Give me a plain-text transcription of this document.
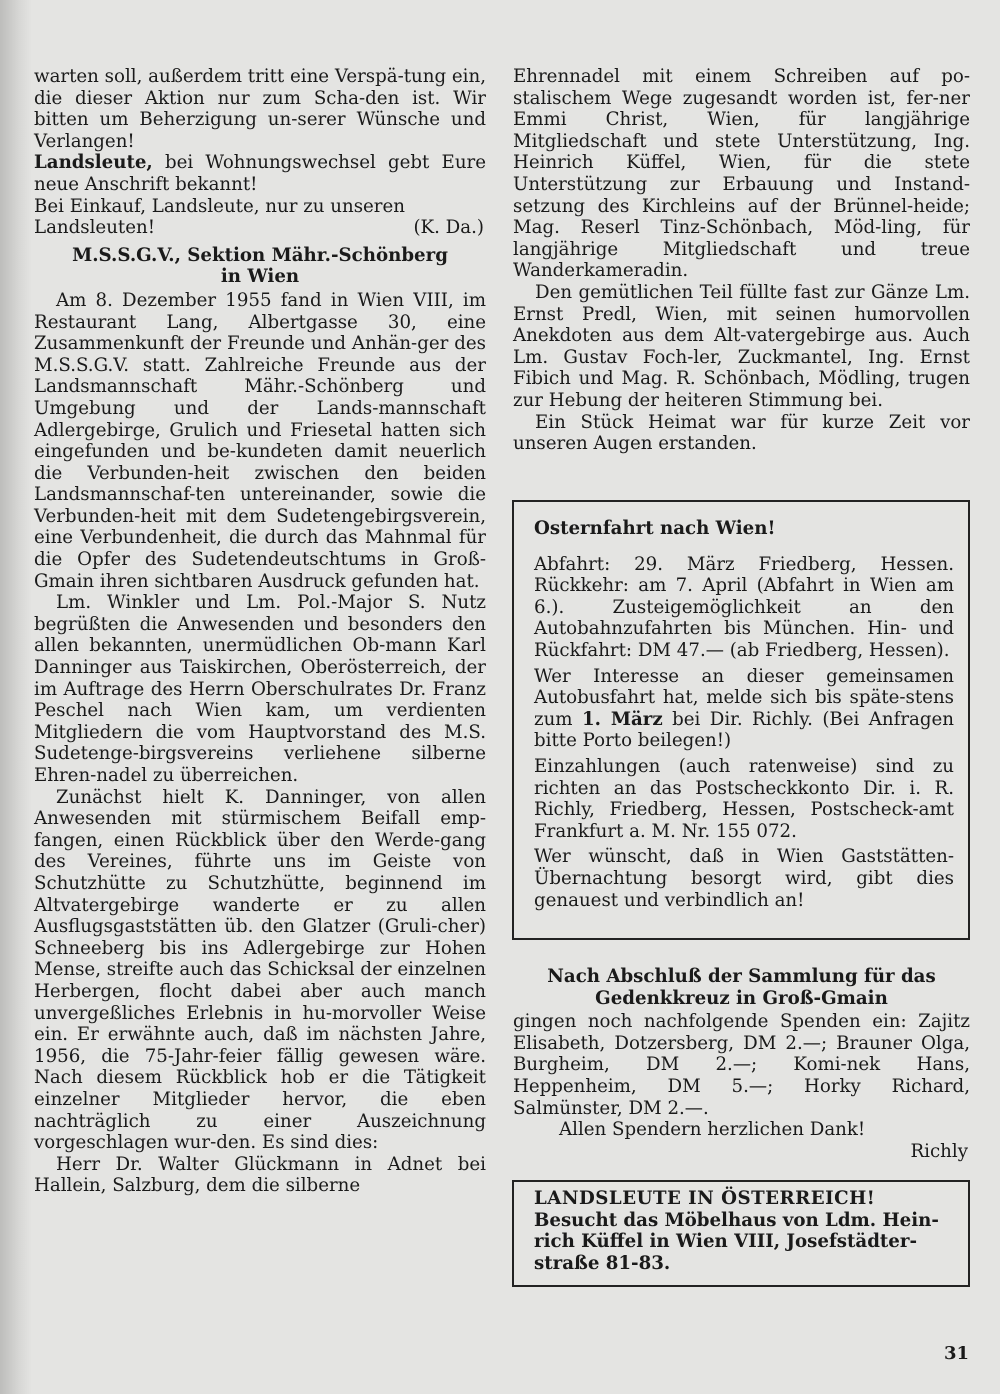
warten soll, außerdem tritt eine Verspä-tung ein, die dieser Aktion nur zum Scha-den ist. Wir bitten um Beherzigung un-serer Wünsche und Verlangen!

Landsleute, bei Wohnungswechsel gebt Eure neue Anschrift bekannt!

Bei Einkauf, Landsleute, nur zu unseren

Landsleuten!	(K. Da.)
M.S.S.G.V., Sektion Mähr.-Schönberg
in Wien

Am 8. Dezember 1955 fand in Wien VIII, im Restaurant Lang, Albertgasse 30, eine Zusammenkunft der Freunde und Anhän-ger des M.S.S.G.V. statt. Zahlreiche Freunde aus der Landsmannschaft Mähr.-Schönberg und Umgebung und der Lands-mannschaft Adlergebirge, Grulich und Friesetal hatten sich eingefunden und be-kundeten damit neuerlich die Verbunden-heit zwischen den beiden Landsmannschaf-ten untereinander, sowie die Verbunden-heit mit dem Sudetengebirgsverein, eine Verbundenheit, die durch das Mahnmal für die Opfer des Sudetendeutschtums in Groß-Gmain ihren sichtbaren Ausdruck gefunden hat.

Lm. Winkler und Lm. Pol.-Major S. Nutz begrüßten die Anwesenden und besonders den allen bekannten, unermüdlichen Ob-mann Karl Danninger aus Taiskirchen, Oberösterreich, der im Auftrage des Herrn Oberschulrates Dr. Franz Peschel nach Wien kam, um verdienten Mitgliedern die vom Hauptvorstand des M.S. Sudetenge-birgsvereins verliehene silberne Ehren-nadel zu überreichen.

Zunächst hielt K. Danninger, von allen Anwesenden mit stürmischem Beifall emp-fangen, einen Rückblick über den Werde-gang des Vereines, führte uns im Geiste von Schutzhütte zu Schutzhütte, beginnend im Altvatergebirge wanderte er zu allen Ausflugsgaststätten üb. den Glatzer (Gruli-cher) Schneeberg bis ins Adlergebirge zur Hohen Mense, streifte auch das Schicksal der einzelnen Herbergen, flocht dabei aber auch manch unvergeßliches Erlebnis in hu-morvoller Weise ein. Er erwähnte auch, daß im nächsten Jahre, 1956, die 75-Jahr-feier fällig gewesen wäre. Nach diesem Rückblick hob er die Tätigkeit einzelner Mitglieder hervor, die eben nachträglich zu einer Auszeichnung vorgeschlagen wur-den. Es sind dies:

Herr Dr. Walter Glückmann in Adnet bei Hallein, Salzburg, dem die silberne

Ehrennadel mit einem Schreiben auf po-stalischem Wege zugesandt worden ist, fer-ner Emmi Christ, Wien, für langjährige Mitgliedschaft und stete Unterstützung, Ing. Heinrich Küffel, Wien, für die stete Unterstützung zur Erbauung und Instand-setzung des Kirchleins auf der Brünnel-heide; Mag. Reserl Tinz-Schönbach, Möd-ling, für langjährige Mitgliedschaft und treue Wanderkameradin.

Den gemütlichen Teil füllte fast zur Gänze Lm. Ernst Predl, Wien, mit seinen humorvollen Anekdoten aus dem Alt-vatergebirge aus. Auch Lm. Gustav Foch-ler, Zuckmantel, Ing. Ernst Fibich und Mag. R. Schönbach, Mödling, trugen zur Hebung der heiteren Stimmung bei.

Ein Stück Heimat war für kurze Zeit vor unseren Augen erstanden.

Osternfahrt nach Wien!

Abfahrt: 29. März Friedberg, Hessen. Rückkehr: am 7. April (Abfahrt in Wien am 6.). Zusteigemöglichkeit an den Autobahnzufahrten bis München. Hin- und Rückfahrt: DM 47.— (ab Friedberg, Hessen).

Wer Interesse an dieser gemeinsamen Autobusfahrt hat, melde sich bis späte-stens zum 1. März bei Dir. Richly. (Bei Anfragen bitte Porto beilegen!)

Einzahlungen (auch ratenweise) sind zu richten an das Postscheckkonto Dir. i. R. Richly, Friedberg, Hessen, Postscheck-amt Frankfurt a. M. Nr. 155 072.

Wer wünscht, daß in Wien Gaststätten-Übernachtung besorgt wird, gibt dies genauest und verbindlich an!

Nach Abschluß der Sammlung für das
Gedenkkreuz in Groß-Gmain

gingen noch nachfolgende Spenden ein: Zajitz Elisabeth, Dotzersberg, DM 2.—; Brauner Olga, Burgheim, DM 2.—; Komi-nek Hans, Heppenheim, DM 5.—; Horky Richard, Salmünster, DM 2.—.

Allen Spendern herzlichen Dank!

Richly

LANDSLEUTE IN ÖSTERREICH!
Besucht das Möbelhaus von Ldm. Hein-rich Küffel in Wien VIII, Josefstädter-straße 81-83.
31
